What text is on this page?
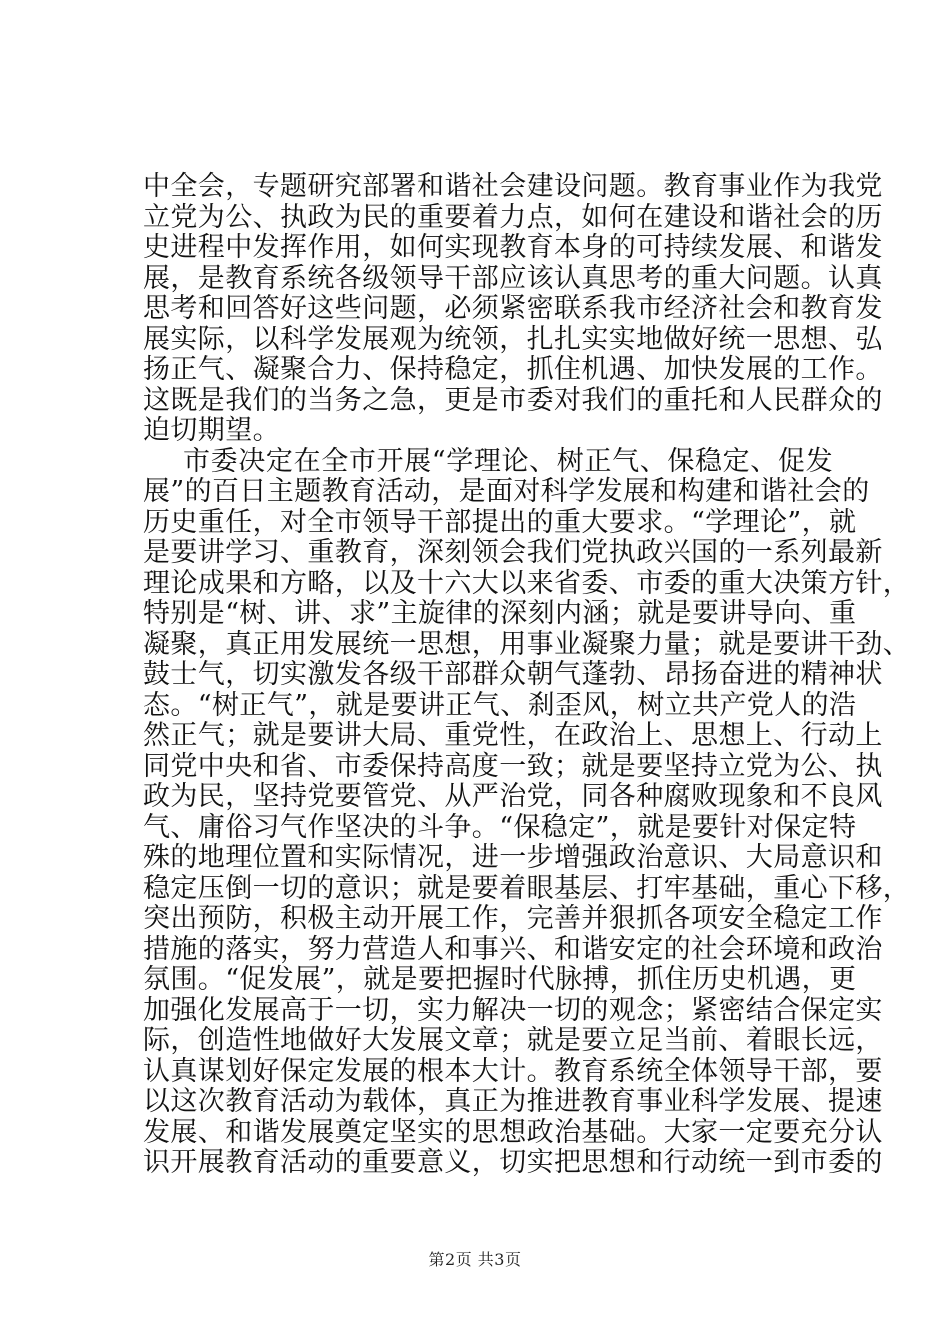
中全会，专题研究部署和谐社会建设问题。教育事业作为我党
立党为公、执政为民的重要着力点，如何在建设和谐社会的历
史进程中发挥作用，如何实现教育本身的可持续发展、和谐发
展，是教育系统各级领导干部应该认真思考的重大问题。认真
思考和回答好这些问题，必须紧密联系我市经济社会和教育发
展实际，以科学发展观为统领，扎扎实实地做好统一思想、弘
扬正气、凝聚合力、保持稳定，抓住机遇、加快发展的工作。
这既是我们的当务之急，更是市委对我们的重托和人民群众的
迫切期望。
市委决定在全市开展“学理论、树正气、保稳定、促发
展”的百日主题教育活动，是面对科学发展和构建和谐社会的
历史重任，对全市领导干部提出的重大要求。“学理论”，就
是要讲学习、重教育，深刻领会我们党执政兴国的一系列最新
理论成果和方略，以及十六大以来省委、市委的重大决策方针，
特别是“树、讲、求”主旋律的深刻内涵；就是要讲导向、重
凝聚，真正用发展统一思想，用事业凝聚力量；就是要讲干劲、
鼓士气，切实激发各级干部群众朝气蓬勃、昂扬奋进的精神状
态。“树正气”，就是要讲正气、刹歪风，树立共产党人的浩
然正气；就是要讲大局、重党性，在政治上、思想上、行动上
同党中央和省、市委保持高度一致；就是要坚持立党为公、执
政为民，坚持党要管党、从严治党，同各种腐败现象和不良风
气、庸俗习气作坚决的斗争。“保稳定”，就是要针对保定特
殊的地理位置和实际情况，进一步增强政治意识、大局意识和
稳定压倒一切的意识；就是要着眼基层、打牢基础，重心下移，
突出预防，积极主动开展工作，完善并狠抓各项安全稳定工作
措施的落实，努力营造人和事兴、和谐安定的社会环境和政治
氛围。“促发展”，就是要把握时代脉搏，抓住历史机遇，更
加强化发展高于一切，实力解决一切的观念；紧密结合保定实
际，创造性地做好大发展文章；就是要立足当前、着眼长远，
认真谋划好保定发展的根本大计。教育系统全体领导干部，要
以这次教育活动为载体，真正为推进教育事业科学发展、提速
发展、和谐发展奠定坚实的思想政治基础。大家一定要充分认
识开展教育活动的重要意义，切实把思想和行动统一到市委的
第2页 共3页
